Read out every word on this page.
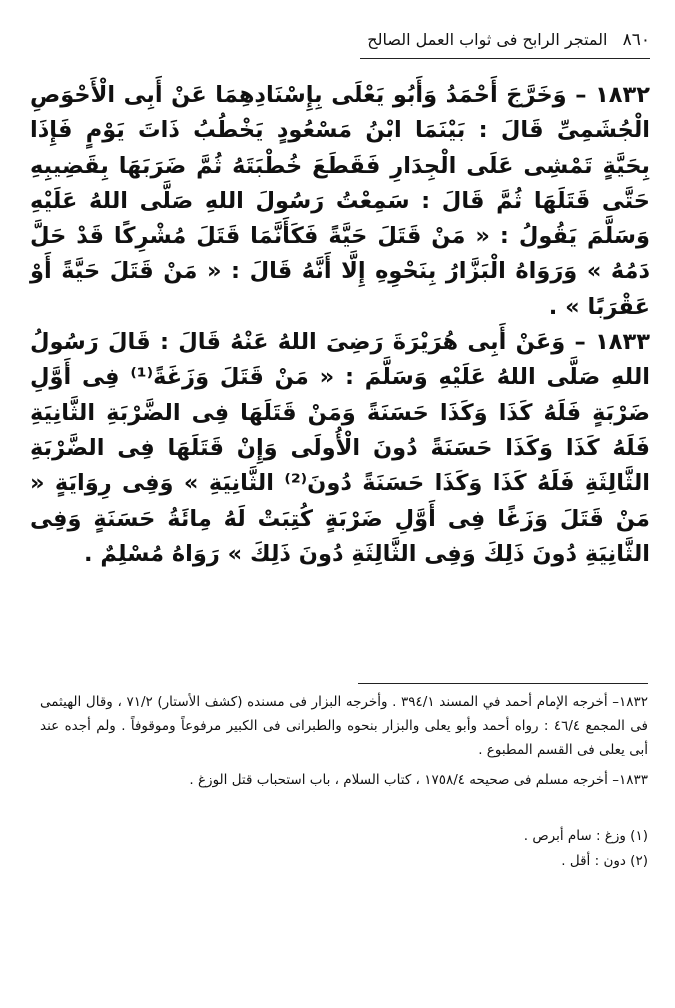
٨٦٠ المتجر الرابح فى ثواب العمل الصالح

١٨٣٢ – وَخَرَّجَ أَحْمَدُ وَأَبُو يَعْلَى بِإِسْنَادِهِمَا عَنْ أَبِى الْأَحْوَصِ الْجُشَمِىِّ قَالَ : بَيْنَمَا ابْنُ مَسْعُودٍ يَخْطُبُ ذَاتَ يَوْمٍ فَإِذَا بِحَيَّةٍ تَمْشِى عَلَى الْجِدَارِ فَقَطَعَ خُطْبَتَهُ ثُمَّ ضَرَبَهَا بِقَضِيبِهِ حَتَّى قَتَلَهَا ثُمَّ قَالَ : سَمِعْتُ رَسُولَ اللهِ صَلَّى اللهُ عَلَيْهِ وَسَلَّمَ يَقُولُ : « مَنْ قَتَلَ حَيَّةً فَكَأَنَّمَا قَتَلَ مُشْرِكًا قَدْ حَلَّ دَمُهُ » وَرَوَاهُ الْبَزَّارُ بِنَحْوِهِ إِلَّا أَنَّهُ قَالَ : « مَنْ قَتَلَ حَيَّةً أَوْ عَقْرَبًا » .

١٨٣٣ – وَعَنْ أَبِى هُرَيْرَةَ رَضِىَ اللهُ عَنْهُ قَالَ : قَالَ رَسُولُ اللهِ صَلَّى اللهُ عَلَيْهِ وَسَلَّمَ : « مَنْ قَتَلَ وَزَغَةً⁽¹⁾ فِى أَوَّلِ ضَرْبَةٍ فَلَهُ كَذَا وَكَذَا حَسَنَةً وَمَنْ قَتَلَهَا فِى الضَّرْبَةِ الثَّانِيَةِ فَلَهُ كَذَا وَكَذَا حَسَنَةً دُونَ الْأُولَى وَإِنْ قَتَلَهَا فِى الضَّرْبَةِ الثَّالِثَةِ فَلَهُ كَذَا وَكَذَا حَسَنَةً دُونَ⁽²⁾ الثَّانِيَةِ » وَفِى رِوَايَةٍ « مَنْ قَتَلَ وَزَغًا فِى أَوَّلِ ضَرْبَةٍ كُتِبَتْ لَهُ مِائَةُ حَسَنَةٍ وَفِى الثَّانِيَةِ دُونَ ذَلِكَ وَفِى الثَّالِثَةِ دُونَ ذَلِكَ » رَوَاهُ مُسْلِمٌ .

١٨٣٢– أخرجه الإمام أحمد في المسند ٣٩٤/١ . وأخرجه البزار فى مسنده (كشف الأستار) ٧١/٢ ، وقال الهيثمى فى المجمع ٤٦/٤ : رواه أحمد وأبو يعلى والبزار بنحوه والطبرانى فى الكبير مرفوعاً وموقوفاً . ولم أجده عند أبى يعلى فى القسم المطبوع .

١٨٣٣– أخرجه مسلم فى صحيحه ١٧٥٨/٤ ، كتاب السلام ، باب استحباب قتل الوزغ .

(١) وزغ : سام أبرص .

(٢) دون : أقل .
